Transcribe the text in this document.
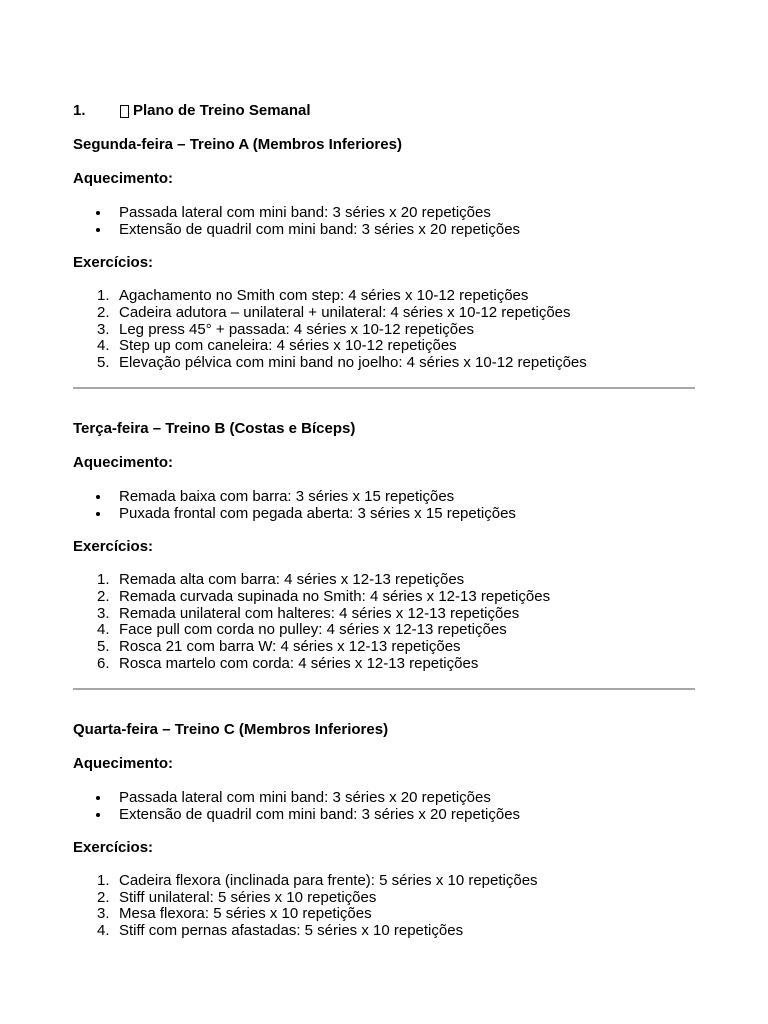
1.	Plano de Treino Semanal

Segunda-feira – Treino A (Membros Inferiores)

Aquecimento:

Passada lateral com mini band: 3 séries x 20 repetições
Extensão de quadril com mini band: 3 séries x 20 repetições

Exercícios:

1. Agachamento no Smith com step: 4 séries x 10-12 repetições
2. Cadeira adutora – unilateral + unilateral: 4 séries x 10-12 repetições
3. Leg press 45° + passada: 4 séries x 10-12 repetições
4. Step up com caneleira: 4 séries x 10-12 repetições
5. Elevação pélvica com mini band no joelho: 4 séries x 10-12 repetições

Terça-feira – Treino B (Costas e Bíceps)

Aquecimento:

Remada baixa com barra: 3 séries x 15 repetições
Puxada frontal com pegada aberta: 3 séries x 15 repetições

Exercícios:

1. Remada alta com barra: 4 séries x 12-13 repetições
2. Remada curvada supinada no Smith: 4 séries x 12-13 repetições
3. Remada unilateral com halteres: 4 séries x 12-13 repetições
4. Face pull com corda no pulley: 4 séries x 12-13 repetições
5. Rosca 21 com barra W: 4 séries x 12-13 repetições
6. Rosca martelo com corda: 4 séries x 12-13 repetições

Quarta-feira – Treino C (Membros Inferiores)

Aquecimento:

Passada lateral com mini band: 3 séries x 20 repetições
Extensão de quadril com mini band: 3 séries x 20 repetições

Exercícios:

1. Cadeira flexora (inclinada para frente): 5 séries x 10 repetições
2. Stiff unilateral: 5 séries x 10 repetições
3. Mesa flexora: 5 séries x 10 repetições
4. Stiff com pernas afastadas: 5 séries x 10 repetições
